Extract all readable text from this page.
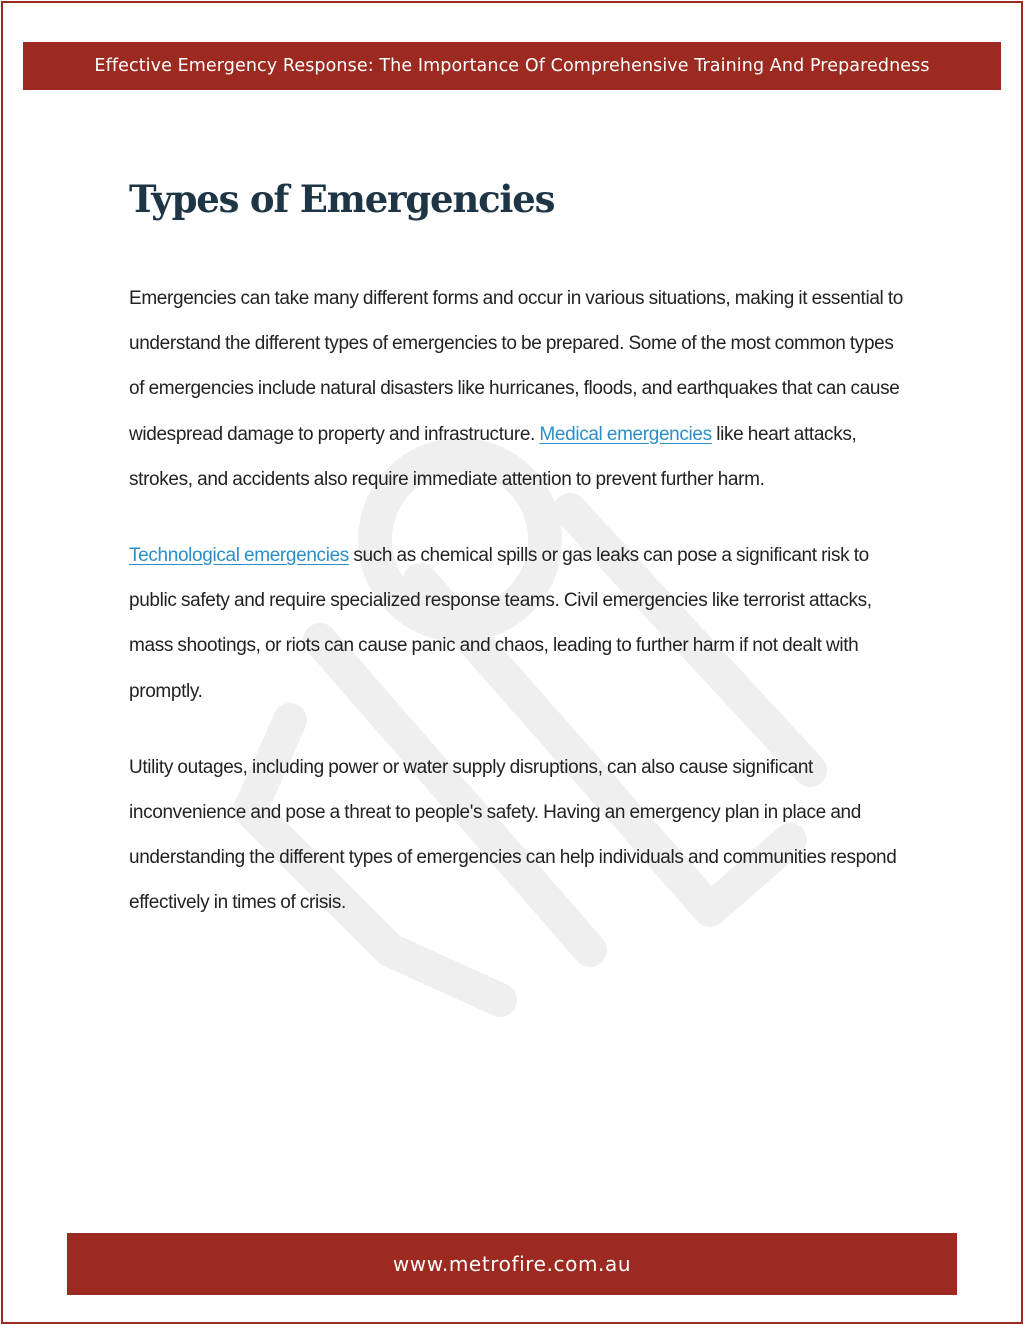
Effective Emergency Response: The Importance Of Comprehensive Training And Preparedness
Types of Emergencies

Emergencies can take many different forms and occur in various situations, making it essential to understand the different types of emergencies to be prepared. Some of the most common types of emergencies include natural disasters like hurricanes, floods, and earthquakes that can cause widespread damage to property and infrastructure. Medical emergencies like heart attacks, strokes, and accidents also require immediate attention to prevent further harm.

Technological emergencies such as chemical spills or gas leaks can pose a significant risk to public safety and require specialized response teams. Civil emergencies like terrorist attacks, mass shootings, or riots can cause panic and chaos, leading to further harm if not dealt with promptly.

Utility outages, including power or water supply disruptions, can also cause significant inconvenience and pose a threat to people's safety. Having an emergency plan in place and understanding the different types of emergencies can help individuals and communities respond effectively in times of crisis.

www.metrofire.com.au
